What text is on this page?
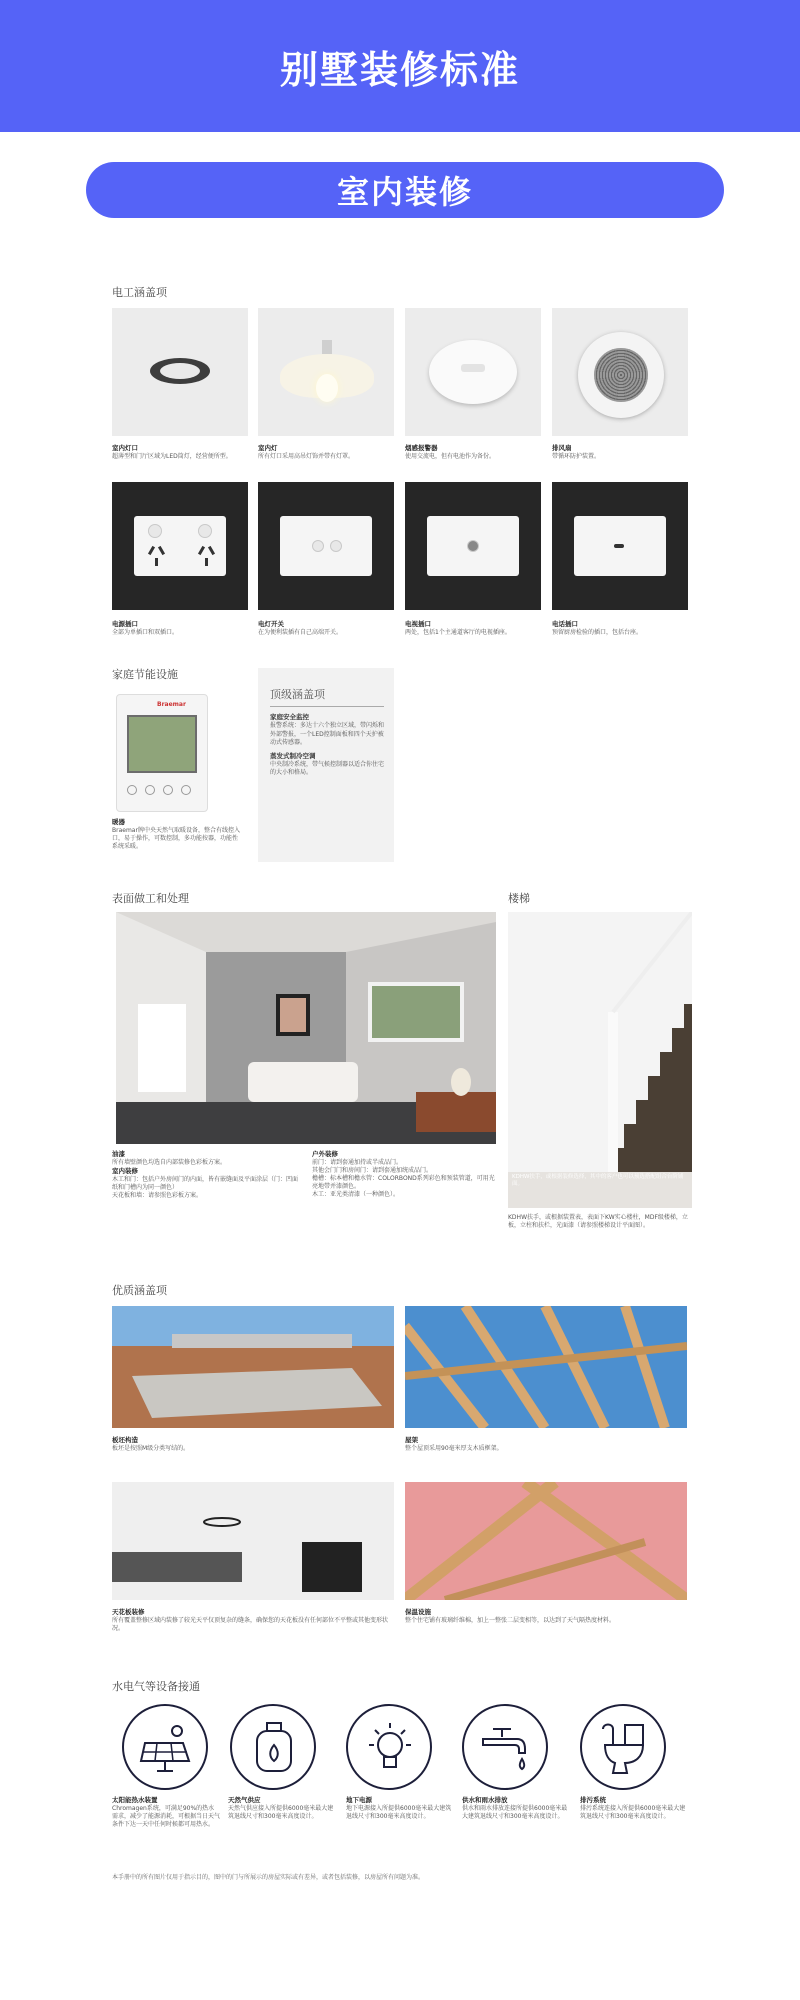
别墅装修标准
室内装修
电工涵盖项
室内灯口
超薄型和门厅区域为LED筒灯，经营便所型。
室内灯
所有灯口采用高吊灯饰并带有灯罩。
烟感报警器
使用交流电，但有电池作为备份。
排风扇
带循环防护装置。
电源插口
全部为单插口和双插口。
电灯开关
在为便利装插有自己高端开关。
电视插口
两处，包括1个主通道客厅的电视插座。
电话插口
预留厨房检验的插口，包括台座。
家庭节能设施
Braemar
暖器
Braemar牌中央天然气取暖设备，整合有线控入口，易于操作，可数控制，多功能按器，功能性系统采暖。
顶级涵盖项
家庭安全监控
报警系统：多达十六个独立区域，带闪烁和外部警报，一个LED控制面板和四个天护被动式传感器。
蒸发式制冷空调
中央制冷系统，带气候控制器以适合你住宅的大小和格局。
表面做工和处理
油漆
所有墙壁颜色均选自内部装修色彩板方案。
室内装修
木工和门：包括户外房间门的内面，皆有嵌缝面及平面涂层（门：凹面纸和门槽内为同一颜色）
天花板和墙：请参照色彩板方案。
户外装修
前门：请到套通加持或半成品门。
其他会门门和房间门：请到套通加统成品门。
檐槽：标本槽和檐水管：COLORBOND系列彩色和预装管道，可用光亮地带并漆颜色。
木工：亚光类清漆（一种颜色）。
楼梯
KDHW扶手，或根据装修选择，其中的客户也可以预选搭配组合台阶铺面。
KDHW扶手，或根据装置表，表面下KW实心楼柱，MDF级楼梯，立板，立柱和扶栏，光面漆（请参照楼梯设计平面图）。
优质涵盖项
板坯构造
板坯是按照M级分类写结的。
屋架
整个屋顶采用90毫米厚支木质框架。
天花板装修
所有覆盖整修区域内装修了较光天平仅顶复杂的缝条，确保您的天花板没有任何部位不平整或其他变形状况。
保温设施
整个住宅铺有玻璃纤维棉，加上一整张二层变相等，以达到了天气隔热度材料。
水电气等设备接通
太阳能热水装置
Chromagen系统，可满足90%的热水需求，减少了能源消耗，可根据当日天气条件下达一天中任何时候都可用热水。
天然气供应
天然气供应接入所提供6000毫米最大建筑退线尺寸和300毫米高度设计。
地下电源
地下电源接入所提供6000毫米最大建筑退线尺寸和300毫米高度设计。
供水和雨水排放
供水和雨水排放连接所提供6000毫米最大建筑退线尺寸和300毫米高度设计。
排污系统
排污系统连接入所提供6000毫米最大建筑退线尺寸和300毫米高度设计。
本手册中的所有图片仅用于指示目的，图中的门与所展示的房屋实际或有差异，或者包括装修，以房屋所有问题为准。
